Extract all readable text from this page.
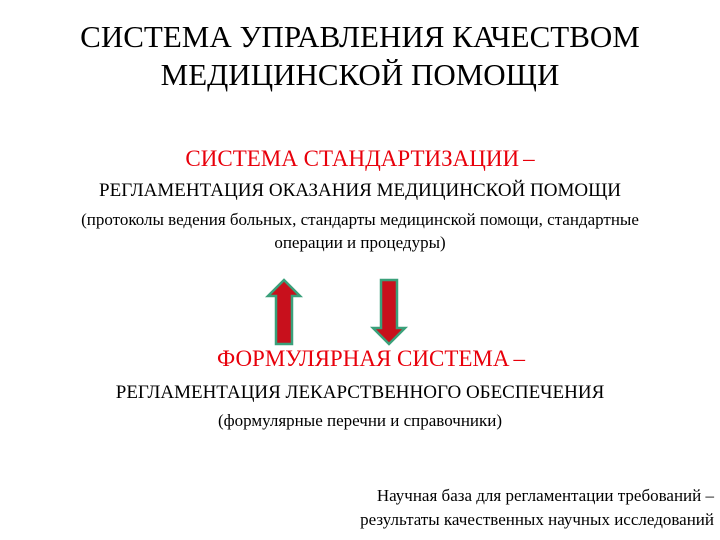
СИСТЕМА УПРАВЛЕНИЯ КАЧЕСТВОМ
МЕДИЦИНСКОЙ ПОМОЩИ
СИСТЕМА СТАНДАРТИЗАЦИИ –
РЕГЛАМЕНТАЦИЯ ОКАЗАНИЯ МЕДИЦИНСКОЙ ПОМОЩИ
(протоколы ведения больных, стандарты медицинской помощи, стандартные
операции и процедуры)
ФОРМУЛЯРНАЯ СИСТЕМА –
РЕГЛАМЕНТАЦИЯ ЛЕКАРСТВЕННОГО ОБЕСПЕЧЕНИЯ
(формулярные перечни и справочники)
Научная база для регламентации требований –
результаты качественных научных исследований
